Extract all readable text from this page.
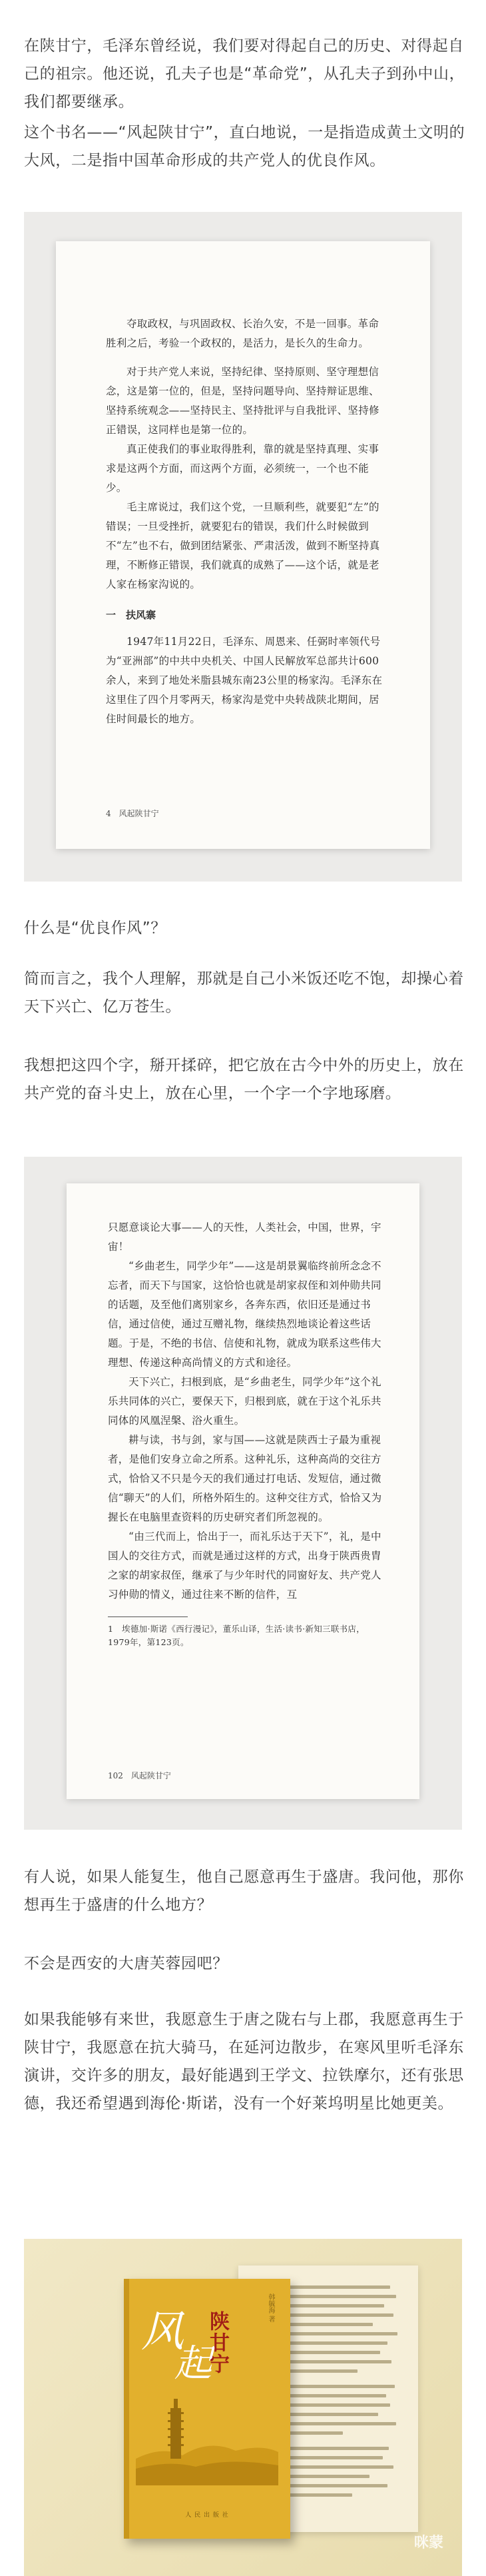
在陕甘宁，毛泽东曾经说，我们要对得起自己的历史、对得起自己的祖宗。他还说，孔夫子也是“革命党”，从孔夫子到孙中山，我们都要继承。

这个书名——“风起陕甘宁”，直白地说，一是指造成黄土文明的大风，二是指中国革命形成的共产党人的优良作风。

夺取政权，与巩固政权、长治久安，不是一回事。革命胜利之后，考验一个政权的，是活力，是长久的生命力。

对于共产党人来说，坚持纪律、坚持原则、坚守理想信念，这是第一位的，但是，坚持问题导向、坚持辩证思维、坚持系统观念——坚持民主、坚持批评与自我批评、坚持修正错误，这同样也是第一位的。

真正使我们的事业取得胜利，靠的就是坚持真理、实事求是这两个方面，而这两个方面，必须统一，一个也不能少。

毛主席说过，我们这个党，一旦顺利些，就要犯“左”的错误；一旦受挫折，就要犯右的错误，我们什么时候做到不“左”也不右，做到团结紧张、严肃活泼，做到不断坚持真理，不断修正错误，我们就真的成熟了——这个话，就是老人家在杨家沟说的。

一　扶风寨

1947年11月22日，毛泽东、周恩来、任弼时率领代号为“亚洲部”的中共中央机关、中国人民解放军总部共计600余人，来到了地处米脂县城东南23公里的杨家沟。毛泽东在这里住了四个月零两天，杨家沟是党中央转战陕北期间，居住时间最长的地方。

4　风起陕甘宁

什么是“优良作风”？

简而言之，我个人理解，那就是自己小米饭还吃不饱，却操心着天下兴亡、亿万苍生。

我想把这四个字，掰开揉碎，把它放在古今中外的历史上，放在共产党的奋斗史上，放在心里，一个字一个字地琢磨。

只愿意谈论大事——人的天性，人类社会，中国，世界，宇宙！

“乡曲老生，同学少年”——这是胡景翼临终前所念念不忘者，而天下与国家，这恰恰也就是胡家叔侄和刘仲勋共同的话题，及至他们离别家乡，各奔东西，依旧还是通过书信，通过信使，通过互赠礼物，继续热烈地谈论着这些话题。于是，不绝的书信、信使和礼物，就成为联系这些伟大理想、传递这种高尚情义的方式和途径。

天下兴亡，扫根到底，是“乡曲老生，同学少年”这个礼乐共同体的兴亡，要保天下，归根到底，就在于这个礼乐共同体的风凰涅槃、浴火重生。

耕与读，书与剑，家与国——这就是陕西士子最为重视者，是他们安身立命之所系。这种礼乐，这种高尚的交往方式，恰恰又不只是今天的我们通过打电话、发短信，通过微信“聊天”的人们，所格外陌生的。这种交往方式，恰恰又为握长在电脑里查资料的历史研究者们所忽视的。

“由三代而上，恰出于一，而礼乐达于天下”，礼，是中国人的交往方式，而就是通过这样的方式，出身于陕西贵胄之家的胡家叔侄，继承了与少年时代的同窗好友、共产党人习仲勋的情义，通过往来不断的信件，互

1　埃德加·斯诺《西行漫记》，董乐山译，生活·读书·新知三联书店，1979年，第123页。

102　风起陕甘宁

有人说，如果人能复生，他自己愿意再生于盛唐。我问他，那你想再生于盛唐的什么地方？

不会是西安的大唐芙蓉园吧？

如果我能够有来世，我愿意生于唐之陇右与上郡，我愿意再生于陕甘宁，我愿意在抗大骑马，在延河边散步，在寒风里听毛泽东演讲，交许多的朋友，最好能遇到王学文、拉铁摩尔，还有张思德，我还希望遇到海伦·斯诺，没有一个好莱坞明星比她更美。

韩毓海 著
风
起
陕甘宁
人 民 出 版 社
咪蒙
